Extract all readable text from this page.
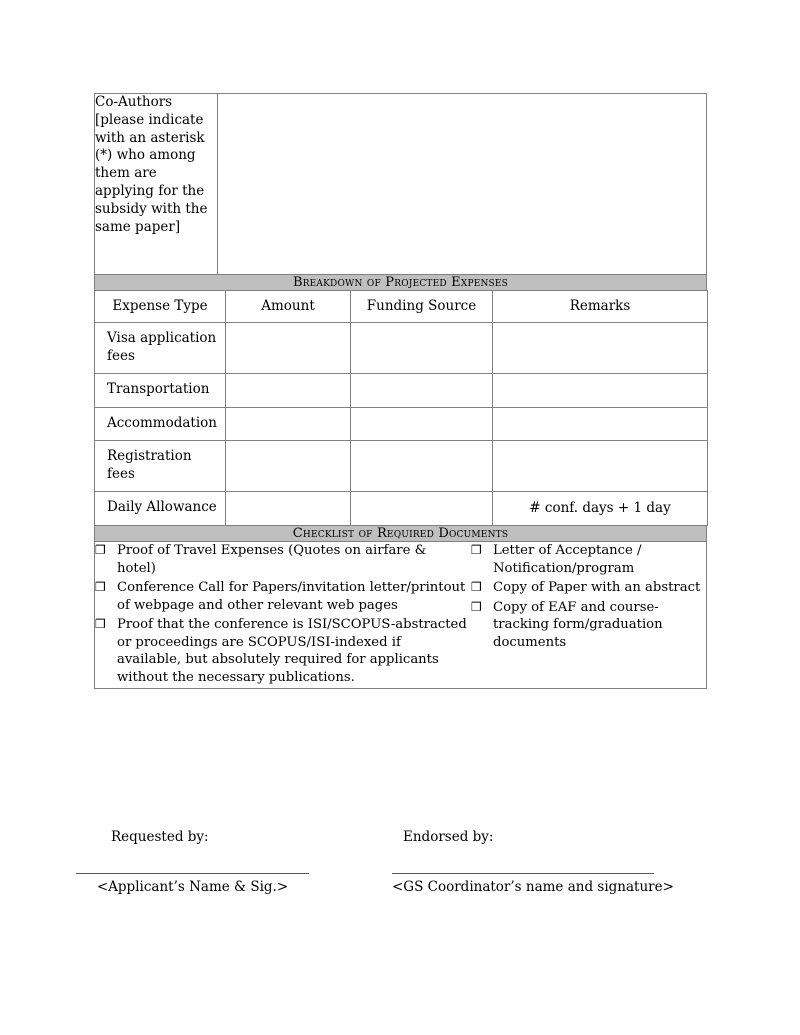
Co-Authors [please indicate with an asterisk (*) who among them are applying for the subsidy with the same paper]	
Breakdown of Projected Expenses
Expense Type	Amount	Funding Source	Remarks
Visa application fees			
Transportation			
Accommodation			
Registration fees			
Daily Allowance			# conf. days + 1 day
Checklist of Required Documents

❒ Proof of Travel Expenses (Quotes on airfare & hotel)
❒ Conference Call for Papers/invitation letter/printout of webpage and other relevant web pages
❒ Proof that the conference is ISI/SCOPUS-abstracted or proceedings are SCOPUS/ISI-indexed if available, but absolutely required for applicants without the necessary publications.
❒ Letter of Acceptance / Notification/program
❒ Copy of Paper with an abstract
❒ Copy of EAF and course-tracking form/graduation documents
Requested by:	Endorsed by:
<Applicant’s Name & Sig.>	<GS Coordinator’s name and signature>
